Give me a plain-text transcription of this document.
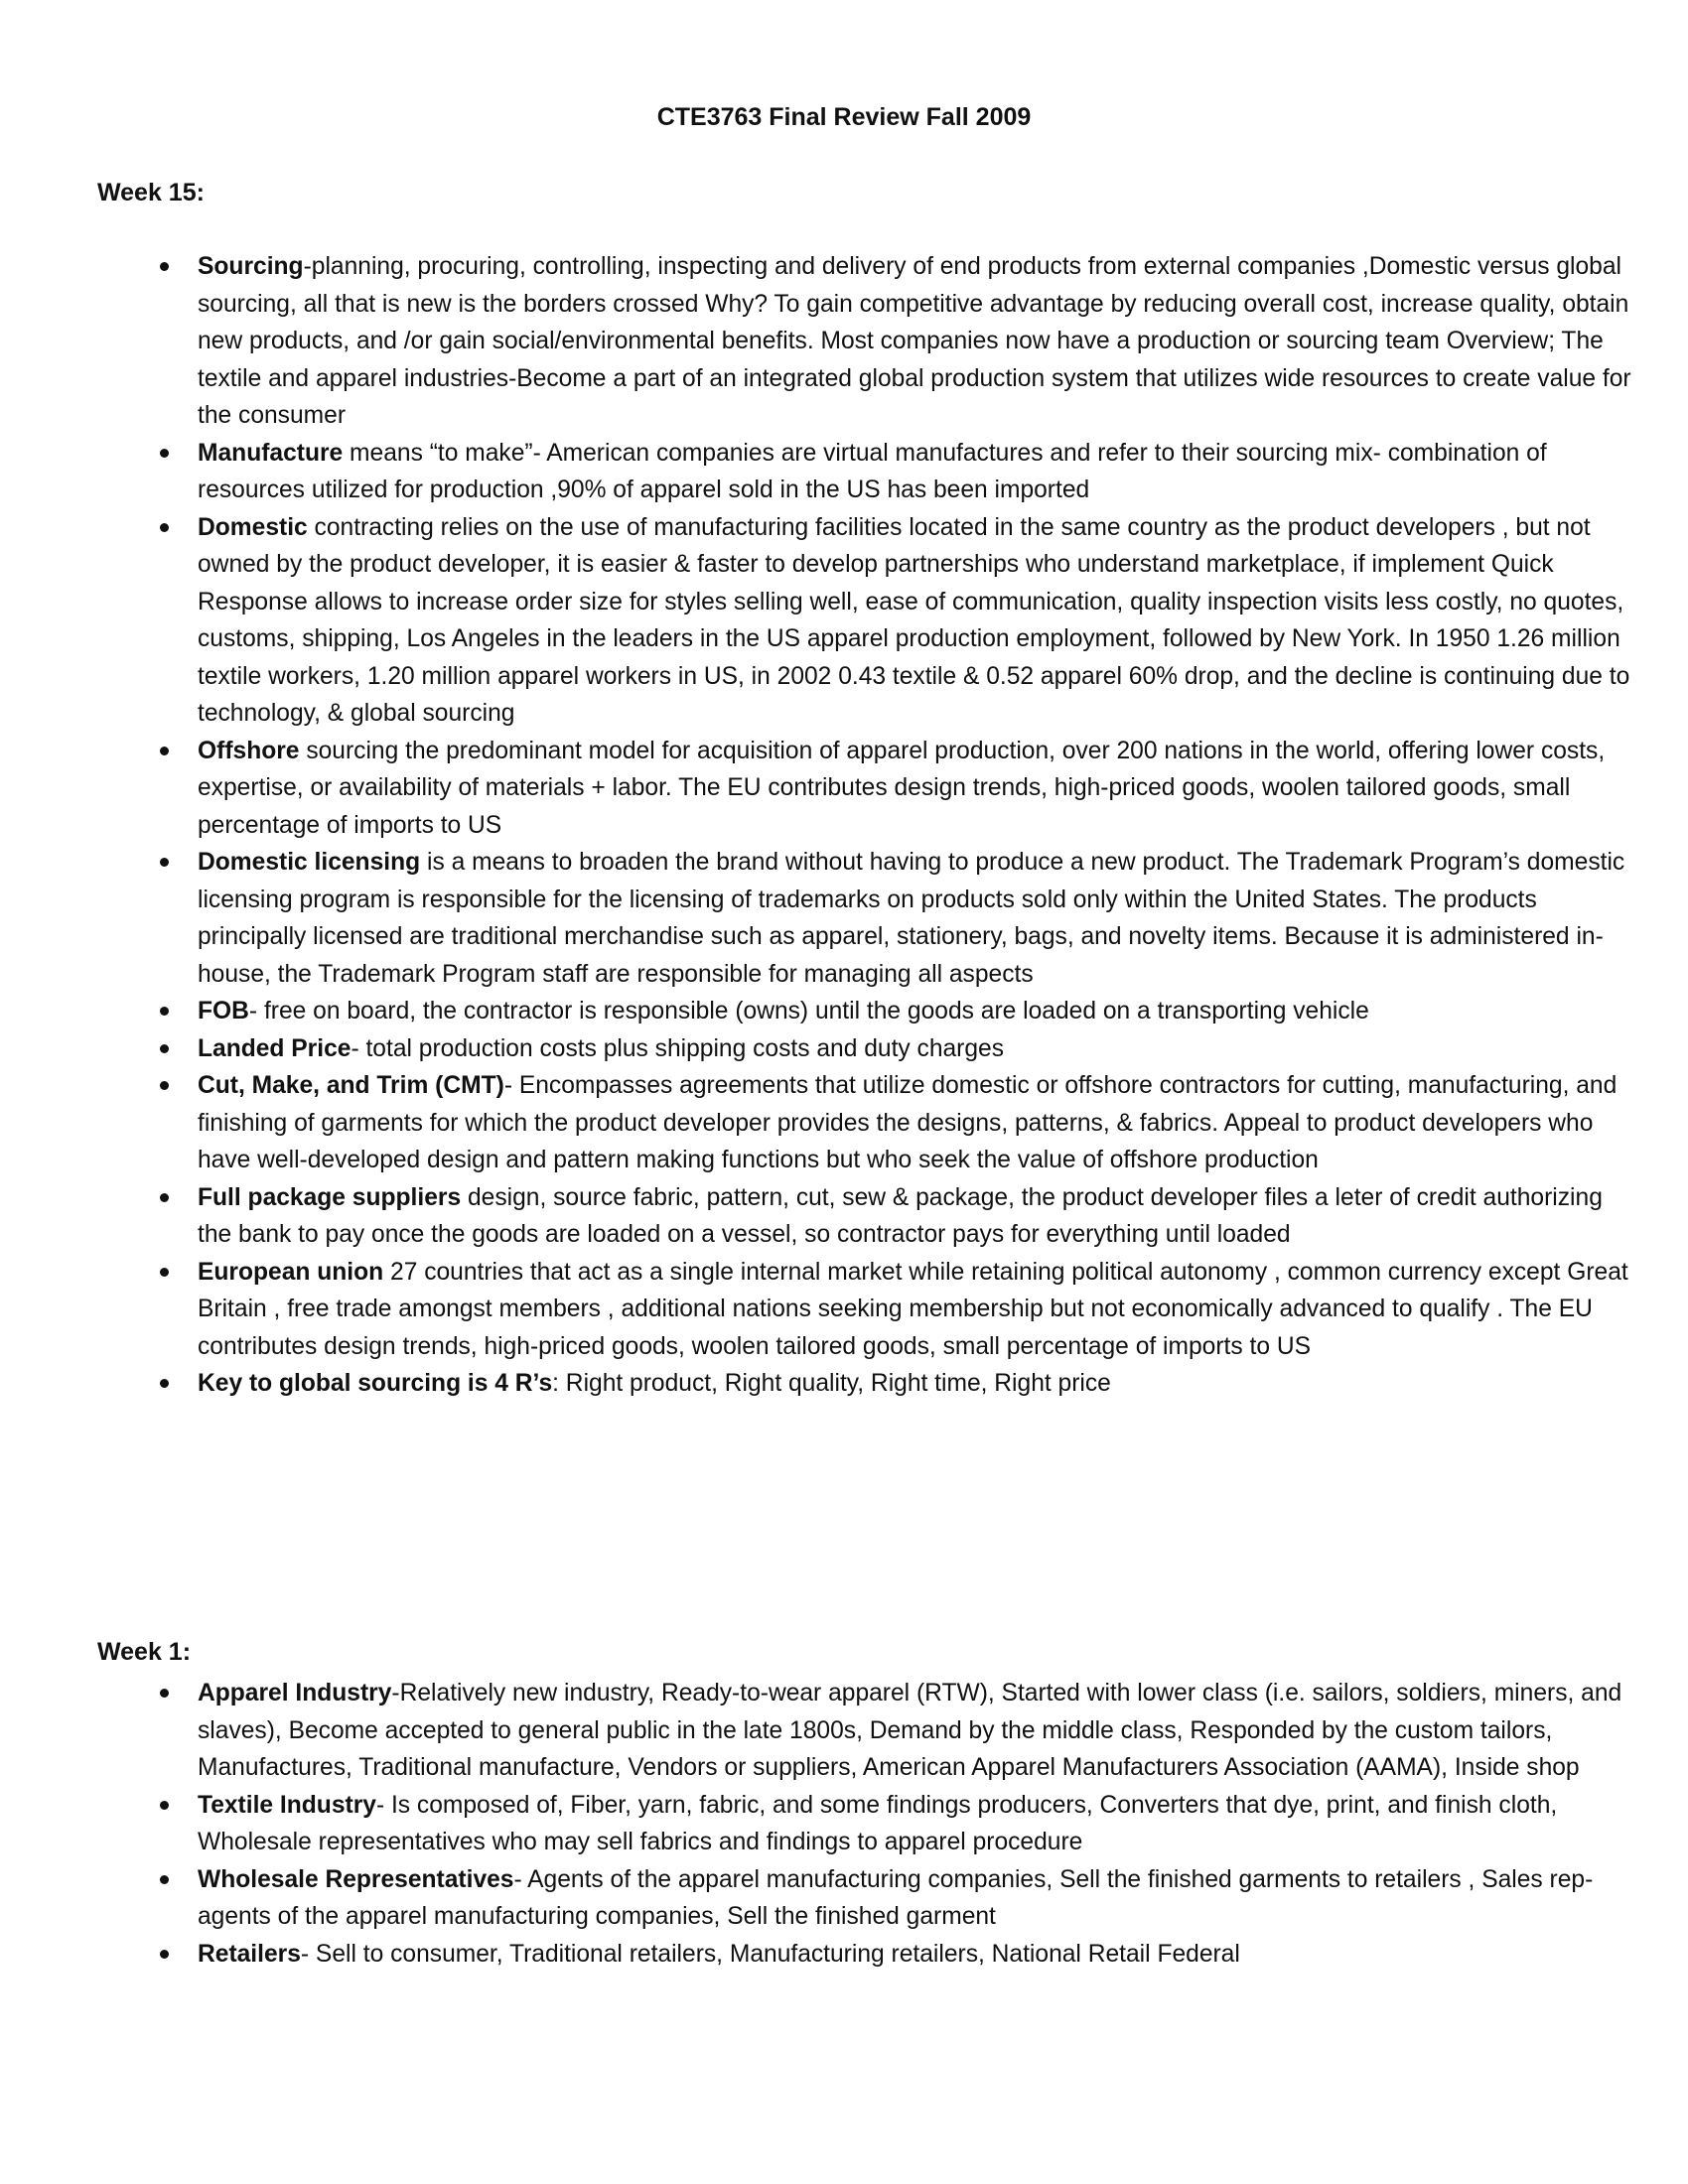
CTE3763 Final Review Fall 2009
Week 15:
Sourcing-planning, procuring, controlling, inspecting and delivery of end products from external companies ,Domestic versus global sourcing, all that is new is the borders crossed Why? To gain competitive advantage by reducing overall cost, increase quality, obtain new products, and /or gain social/environmental benefits. Most companies now have a production or sourcing team Overview; The textile and apparel industries-Become a part of an integrated global production system that utilizes wide resources to create value for the consumer
Manufacture means “to make”- American companies are virtual manufactures and refer to their sourcing mix- combination of resources utilized for production ,90% of apparel sold in the US has been imported
Domestic contracting relies on the use of manufacturing facilities located in the same country as the product developers , but not owned by the product developer, it is easier & faster to develop partnerships who understand marketplace, if implement Quick Response allows to increase order size for styles selling well, ease of communication, quality inspection visits less costly, no quotes, customs, shipping, Los Angeles in the leaders in the US apparel production employment, followed by New York. In 1950 1.26 million textile workers, 1.20 million apparel workers in US, in 2002 0.43 textile & 0.52 apparel 60% drop, and the decline is continuing due to technology, & global sourcing
Offshore sourcing the predominant model for acquisition of apparel production, over 200 nations in the world, offering lower costs, expertise, or availability of materials + labor. The EU contributes design trends, high-priced goods, woolen tailored goods, small percentage of imports to US
Domestic licensing is a means to broaden the brand without having to produce a new product. The Trademark Program’s domestic licensing program is responsible for the licensing of trademarks on products sold only within the United States. The products principally licensed are traditional merchandise such as apparel, stationery, bags, and novelty items. Because it is administered in-house, the Trademark Program staff are responsible for managing all aspects
FOB- free on board, the contractor is responsible (owns) until the goods are loaded on a transporting vehicle
Landed Price- total production costs plus shipping costs and duty charges
Cut, Make, and Trim (CMT)- Encompasses agreements that utilize domestic or offshore contractors for cutting, manufacturing, and finishing of garments for which the product developer provides the designs, patterns, & fabrics. Appeal to product developers who have well-developed design and pattern making functions but who seek the value of offshore production
Full package suppliers design, source fabric, pattern, cut, sew & package, the product developer files a leter of credit authorizing the bank to pay once the goods are loaded on a vessel, so contractor pays for everything until loaded
European union 27 countries that act as a single internal market while retaining political autonomy , common currency except Great Britain , free trade amongst members , additional nations seeking membership but not economically advanced to qualify . The EU contributes design trends, high-priced goods, woolen tailored goods, small percentage of imports to US
Key to global sourcing is 4 R’s: Right product, Right quality, Right time, Right price
Week 1:
Apparel Industry-Relatively new industry, Ready-to-wear apparel (RTW), Started with lower class (i.e. sailors, soldiers, miners, and slaves), Become accepted to general public in the late 1800s, Demand by the middle class, Responded by the custom tailors, Manufactures, Traditional manufacture, Vendors or suppliers, American Apparel Manufacturers Association (AAMA), Inside shop
Textile Industry- Is composed of, Fiber, yarn, fabric, and some findings producers, Converters that dye, print, and finish cloth, Wholesale representatives who may sell fabrics and findings to apparel procedure
Wholesale Representatives- Agents of the apparel manufacturing companies, Sell the finished garments to retailers , Sales rep- agents of the apparel manufacturing companies, Sell the finished garment
Retailers- Sell to consumer, Traditional retailers, Manufacturing retailers, National Retail Federal
